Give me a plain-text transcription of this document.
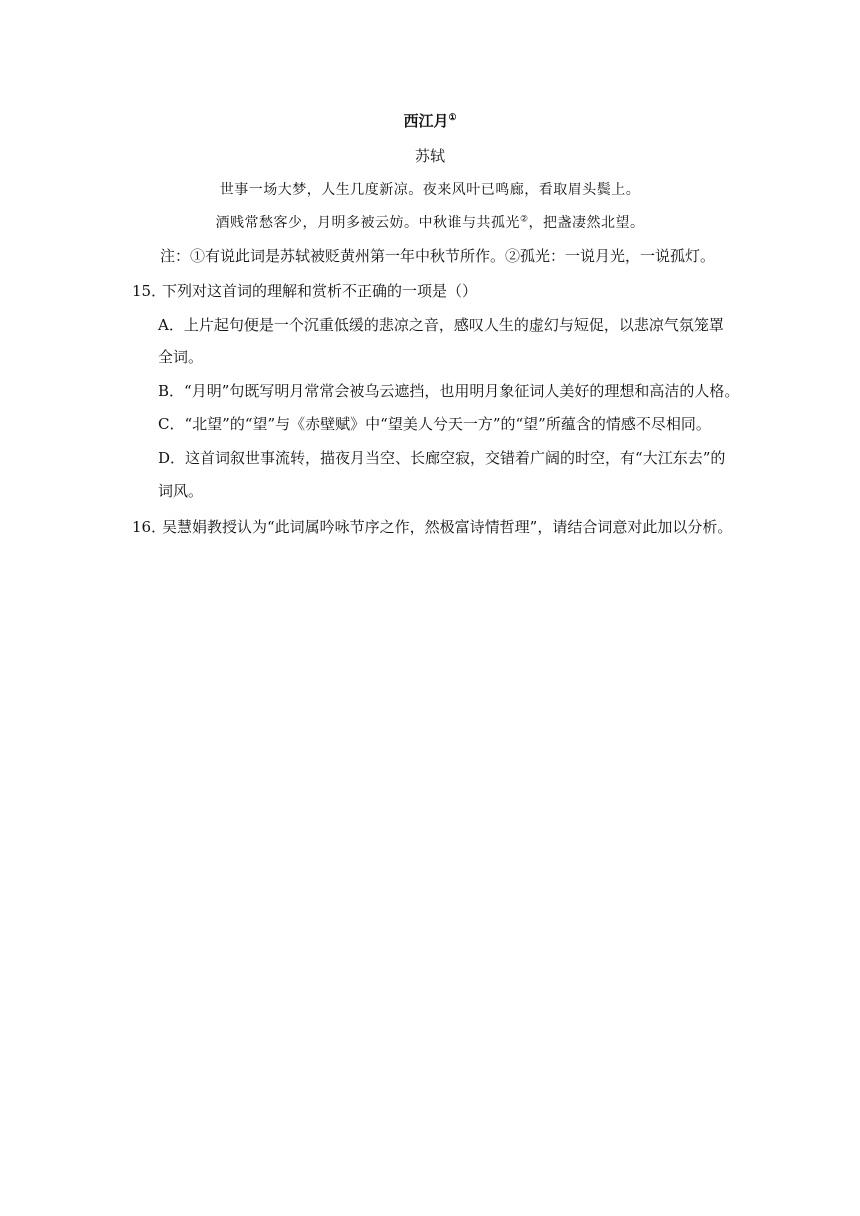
西江月①
苏轼
世事一场大梦，人生几度新凉。夜来风叶已鸣廊，看取眉头鬓上。
酒贱常愁客少，月明多被云妨。中秋谁与共孤光②，把盏凄然北望。
注：①有说此词是苏轼被贬黄州第一年中秋节所作。②孤光：一说月光，一说孤灯。
15．
下列对这首词的理解和赏析不正确的一项是（）
A．上片起句便是一个沉重低缓的悲凉之音，感叹人生的虚幻与短促，以悲凉气氛笼罩
全词。
B．“月明”句既写明月常常会被乌云遮挡，也用明月象征词人美好的理想和高洁的人格。
C．“北望”的“望”与《赤壁赋》中“望美人兮天一方”的“望”所蕴含的情感不尽相同。
D．这首词叙世事流转，描夜月当空、长廊空寂，交错着广阔的时空，有“大江东去”的
词风。
16．
吴慧娟教授认为“此词属吟咏节序之作，然极富诗情哲理”，请结合词意对此加以分析。
